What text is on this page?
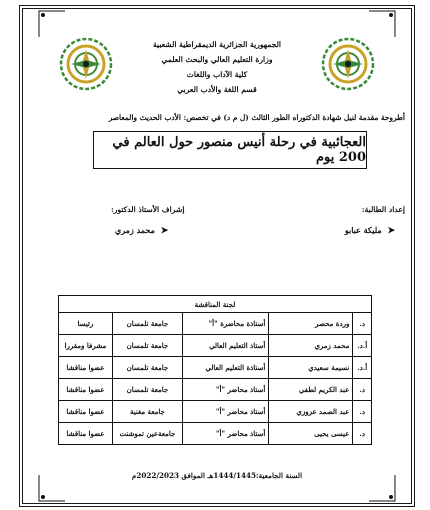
الجمهورية الجزائرية الديمقراطية الشعبية
وزارة التعليم العالي والبحث العلمي
كلية الآداب واللغات
قسم اللغة والأدب العربي
أطروحة مقدمة لنيل شهادة الدكتوراه الطور الثالث (ل م د) في تخصص: الأدب الحديث والمعاصر
العجائبية في رحلة أنيس منصور حول العالم في 200 يوم
إعداد الطالبة:
إشراف الأستاذ الدكتور:
➤ مليكة عبابو
➤ محمد زمري
لجنة المناقشة				
د.	وردة محصر	أستاذة محاضرة "أ"	جامعة تلمسان	رئيسا
أ.د.	محمد زمري	أستاذ التعليم العالي	جامعة تلمسان	مشرفا ومقررا
أ.د.	نسيمة سعيدي	أستاذة التعليم العالي	جامعة تلمسان	عضوا مناقشا
د.	عبد الكريم لطفي	أستاذ محاضر "أ"	جامعة تلمسان	عضوا مناقشا
د.	عبد الصمد عزوزي	أستاذ محاضر "أ"	جامعة مغنية	عضوا مناقشا
د.	عيسى يحيى	أستاذ محاضر "أ"	جامعةعين تموشنت	عضوا مناقشا
السنة الجامعية:1444/1445هـ الموافق 2022/2023م
